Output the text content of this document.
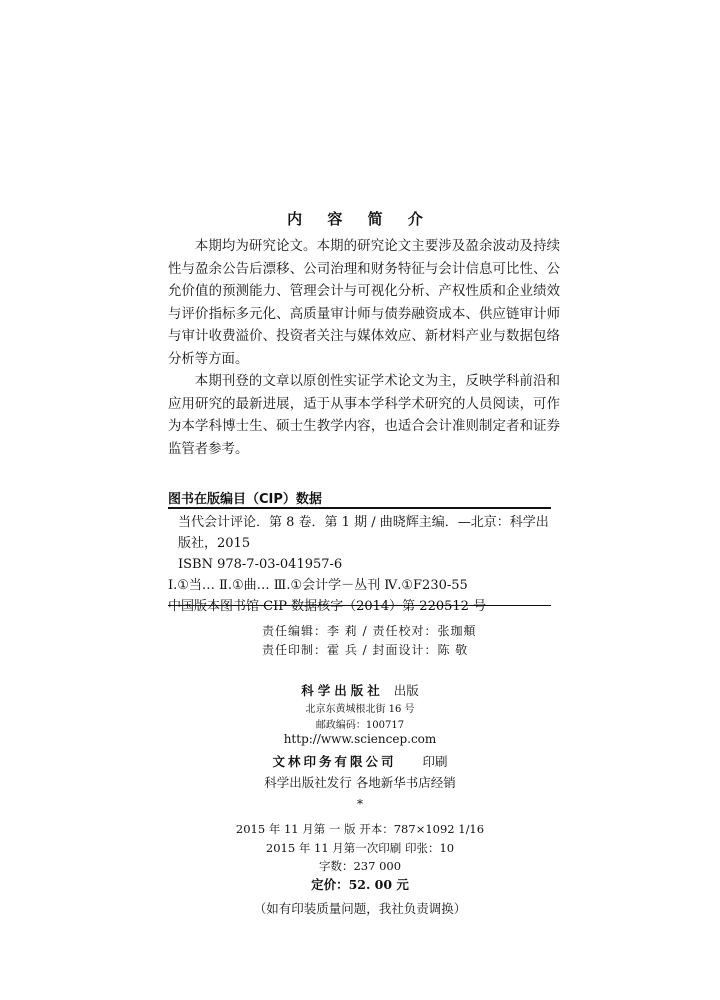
内 容 简 介

本期均为研究论文。本期的研究论文主要涉及盈余波动及持续性与盈余公告后漂移、公司治理和财务特征与会计信息可比性、公允价值的预测能力、管理会计与可视化分析、产权性质和企业绩效与评价指标多元化、高质量审计师与债券融资成本、供应链审计师与审计收费溢价、投资者关注与媒体效应、新材料产业与数据包络分析等方面。

本期刊登的文章以原创性实证学术论文为主，反映学科前沿和应用研究的最新进展，适于从事本学科学术研究的人员阅读，可作为本学科博士生、硕士生教学内容，也适合会计准则制定者和证券监管者参考。

图书在版编目（CIP）数据
当代会计评论．第 8 卷．第 1 期 / 曲晓辉主编．—北京：科学出版社，2015
ISBN 978-7-03-041957-6
Ⅰ.①当… Ⅱ.①曲… Ⅲ.①会计学－丛刊 Ⅳ.①F230-55
中国版本图书馆 CIP 数据核字（2014）第 220512 号
责任编辑：李 莉 / 责任校对：张珈頫
责任印制：霍 兵 / 封面设计：陈 敬
科学出版社 出版
北京东黄城根北街 16 号
邮政编码：100717
http://www.sciencep.com
文林印务有限公司 印刷
科学出版社发行 各地新华书店经销
*
2015 年 11 月第 一 版 开本：787×1092 1/16
2015 年 11 月第一次印刷 印张：10
字数：237 000
定价：52. 00 元
（如有印装质量问题，我社负责调换）
